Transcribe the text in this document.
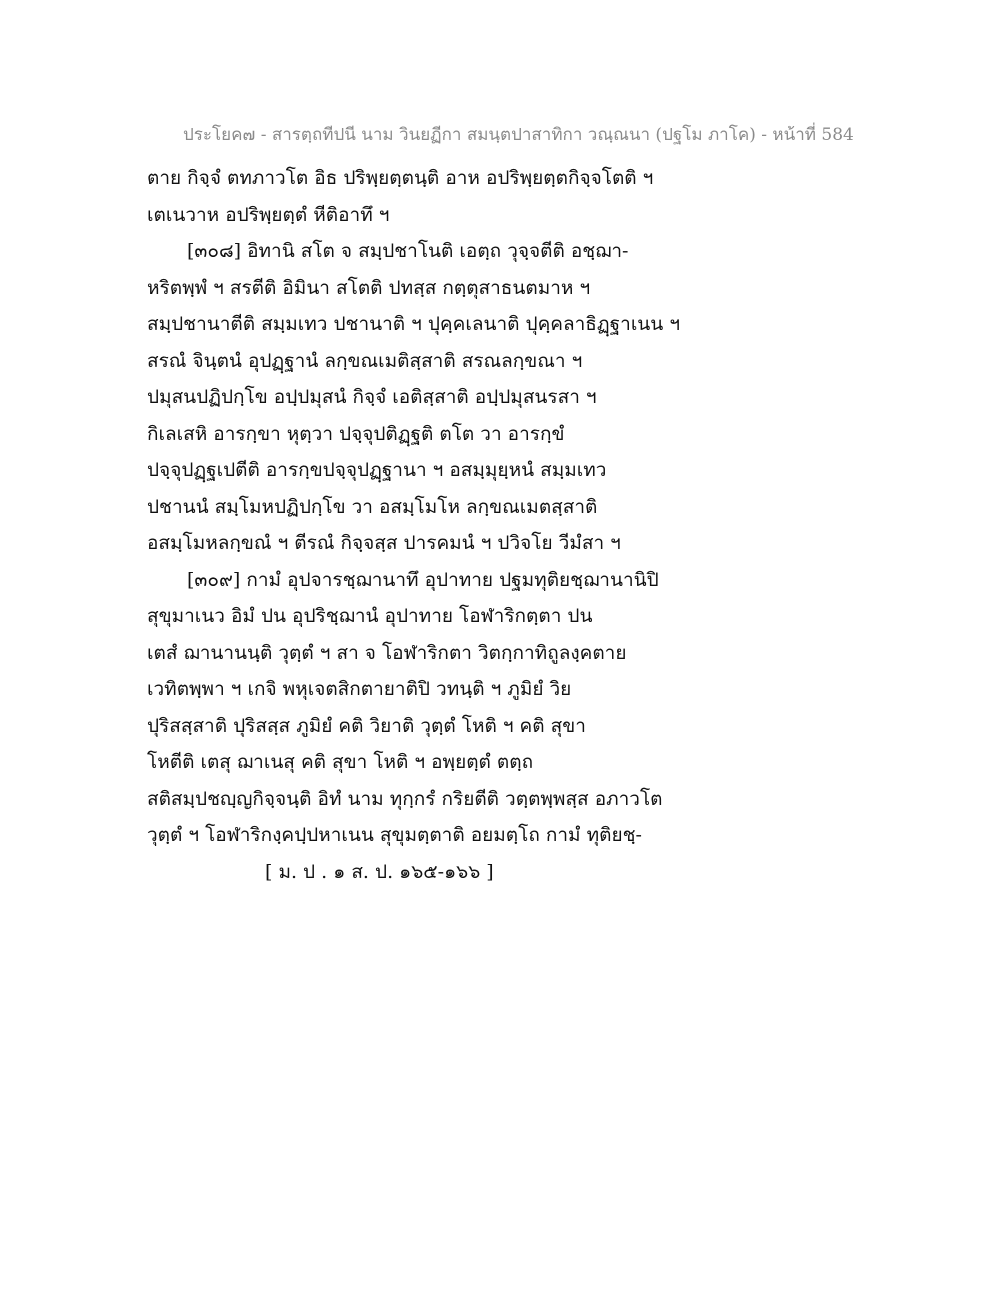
ประโยค๗ - สารตฺถทีปนี นาม วินยฏีกา สมนฺตปาสาทิกา วณฺณนา (ปฐโม ภาโค) - หน้าที่ 584
ตาย กิจฺจํ ตทภาวโต อิธ ปริพฺยตฺตนฺติ อาห อปริพฺยตฺตกิจฺจโตติ ฯ
เตเนวาห อปริพฺยตฺตํ หีติอาทึ ฯ
[๓๐๘] อิทานิ สโต จ สมฺปชาโนติ เอตฺถ วุจฺจตีติ อชฺฌา-
หริตพฺพํ ฯ สรตีติ อิมินา สโตติ ปทสฺส กตฺตุสาธนตมาห ฯ
สมฺปชานาตีติ สมฺมเทว ปชานาติ ฯ ปุคฺคเลนาติ ปุคฺคลาธิฏฺฐาเนน ฯ
สรณํ จินฺตนํ อุปฏฺฐานํ ลกฺขณเมติสฺสาติ สรณลกฺขณา ฯ
ปมุสนปฏิปกฺโข อปฺปมุสนํ กิจฺจํ เอติสฺสาติ อปฺปมุสนรสา ฯ
กิเลเสหิ อารกฺขา หุตฺวา ปจฺจุปติฏฺฐติ ตโต วา อารกฺขํ
ปจฺจุปฏฺฐเปตีติ อารกฺขปจฺจุปฏฺฐานา ฯ อสมฺมุยฺหนํ สมฺมเทว
ปชานนํ สมฺโมหปฏิปกฺโข วา อสมฺโมโห ลกฺขณเมตสฺสาติ
อสมฺโมหลกฺขณํ ฯ ตีรณํ กิจฺจสฺส ปารคมนํ ฯ ปวิจโย วีมํสา ฯ
[๓๐๙] กามํ อุปจารชฺฌานาทึ อุปาทาย ปฐมทุติยชฺฌานานิปิ
สุขุมาเนว อิมํ ปน อุปริชฺฌานํ อุปาทาย โอฬาริกตฺตา ปน
เตสํ ฌานานนฺติ วุตฺตํ ฯ สา จ โอฬาริกตา วิตกฺกาทิถูลงฺคตาย
เวทิตพฺพา ฯ เกจิ พหุเจตสิกตายาติปิ วทนฺติ ฯ ภูมิยํ วิย
ปุริสสฺสาติ ปุริสสฺส ภูมิยํ คติ วิยาติ วุตฺตํ โหติ ฯ คติ สุขา
โหตีติ เตสุ ฌาเนสุ คติ สุขา โหติ ฯ อพฺยตฺตํ ตตฺถ
สติสมฺปชญฺญกิจฺจนฺติ อิทํ นาม ทุกฺกรํ กริยตีติ วตฺตพฺพสฺส อภาวโต
วุตฺตํ ฯ โอฬาริกงฺคปฺปหาเนน สุขุมตฺตาติ อยมตฺโถ กามํ ทุติยชฺ-
[ ม. ป . ๑ ส. ป. ๑๖๕-๑๖๖ ]
